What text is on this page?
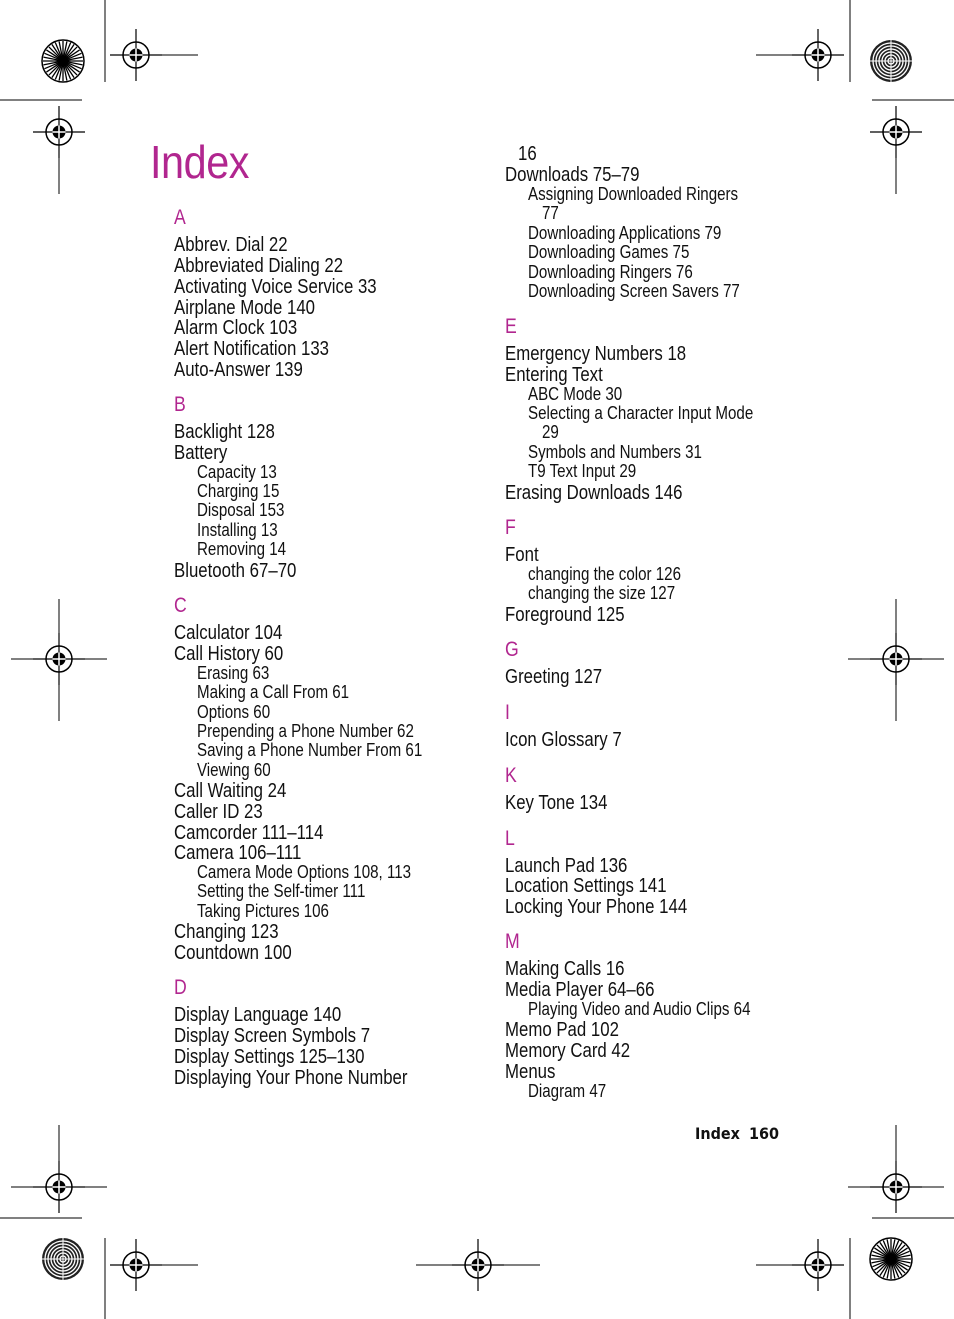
Index
A
Abbrev. Dial 22
Abbreviated Dialing 22
Activating Voice Service 33
Airplane Mode 140
Alarm Clock 103
Alert Notification 133
Auto-Answer 139
B
Backlight 128
Battery
Capacity 13
Charging 15
Disposal 153
Installing 13
Removing 14
Bluetooth 67–70
C
Calculator 104
Call History 60
Erasing 63
Making a Call From 61
Options 60
Prepending a Phone Number 62
Saving a Phone Number From 61
Viewing 60
Call Waiting 24
Caller ID 23
Camcorder 111–114
Camera 106–111
Camera Mode Options 108, 113
Setting the Self-timer 111
Taking Pictures 106
Changing 123
Countdown 100
D
Display Language 140
Display Screen Symbols 7
Display Settings 125–130
Displaying Your Phone Number
16
Downloads 75–79
Assigning Downloaded Ringers
77
Downloading Applications 79
Downloading Games 75
Downloading Ringers 76
Downloading Screen Savers 77
E
Emergency Numbers 18
Entering Text
ABC Mode 30
Selecting a Character Input Mode
29
Symbols and Numbers 31
T9 Text Input 29
Erasing Downloads 146
F
Font
changing the color 126
changing the size 127
Foreground 125
G
Greeting 127
I
Icon Glossary 7
K
Key Tone 134
L
Launch Pad 136
Location Settings 141
Locking Your Phone 144
M
Making Calls 16
Media Player 64–66
Playing Video and Audio Clips 64
Memo Pad 102
Memory Card 42
Menus
Diagram 47
Index 160
